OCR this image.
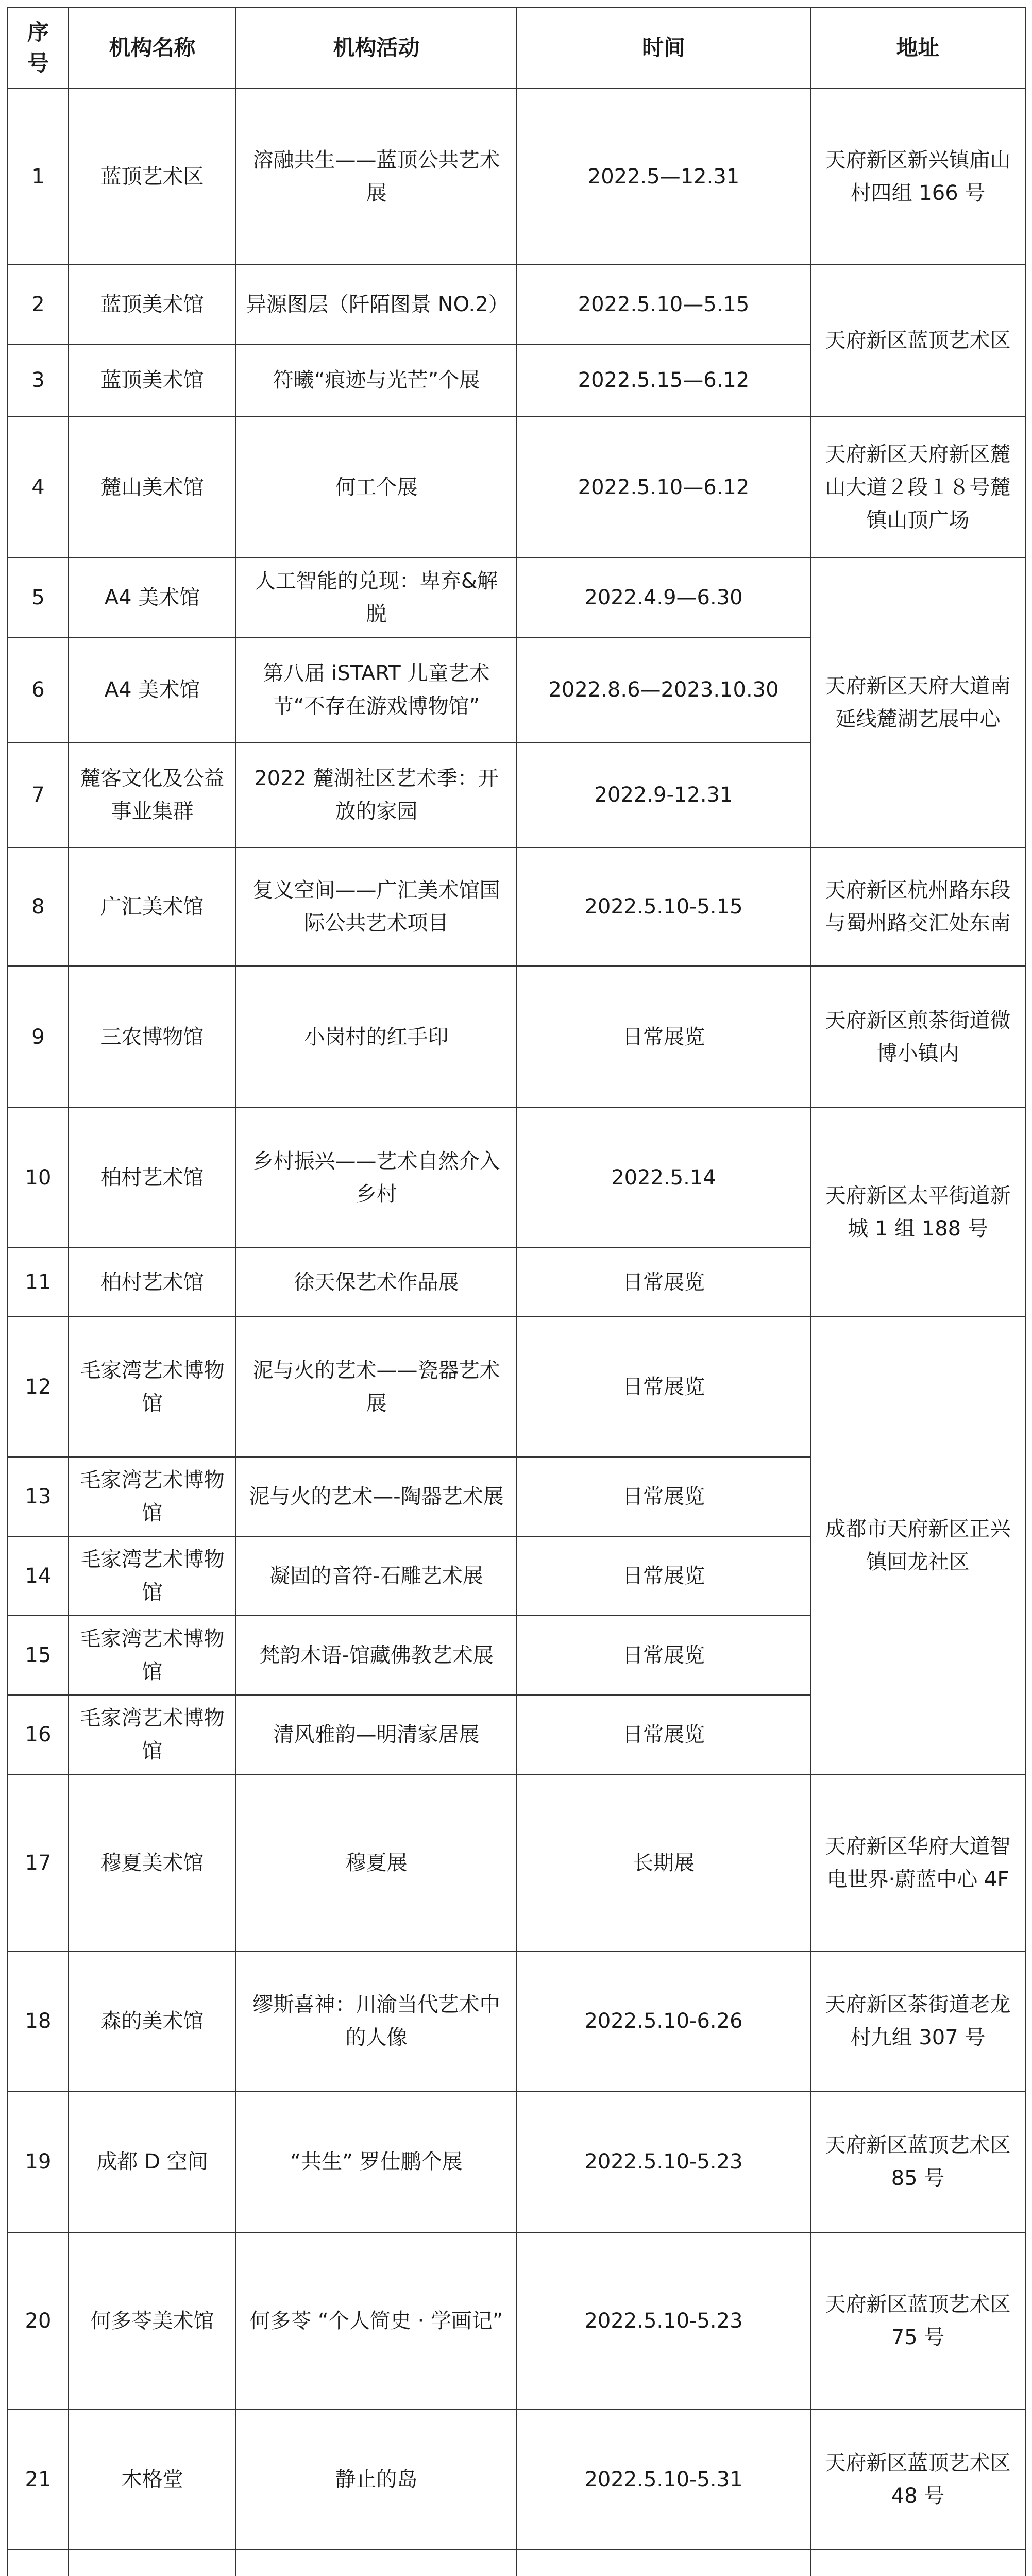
序号	机构名称	机构活动	时间	地址
1	蓝顶艺术区	溶融共生——蓝顶公共艺术展	2022.5—12.31	天府新区新兴镇庙山村四组 166 号
2	蓝顶美术馆	异源图层（阡陌图景 NO.2）	2022.5.10—5.15	天府新区蓝顶艺术区
3	蓝顶美术馆	符曦“痕迹与光芒”个展	2022.5.15—6.12	
4	麓山美术馆	何工个展	2022.5.10—6.12	天府新区天府新区麓山大道２段１８号麓镇山顶广场
5	A4 美术馆	人工智能的兑现：卑弃&解脱	2022.4.9—6.30	天府新区天府大道南延线麓湖艺展中心
6	A4 美术馆	第八届 iSTART 儿童艺术节“不存在游戏博物馆”	2022.8.6—2023.10.30	
7	麓客文化及公益事业集群	2022 麓湖社区艺术季：开放的家园	2022.9-12.31	
8	广汇美术馆	复义空间——广汇美术馆国际公共艺术项目	2022.5.10-5.15	天府新区杭州路东段与蜀州路交汇处东南
9	三农博物馆	小岗村的红手印	日常展览	天府新区煎茶街道微博小镇内
10	柏村艺术馆	乡村振兴——艺术自然介入乡村	2022.5.14	天府新区太平街道新城 1 组 188 号
11	柏村艺术馆	徐天保艺术作品展	日常展览	
12	毛家湾艺术博物馆	泥与火的艺术——瓷器艺术展	日常展览	成都市天府新区正兴镇回龙社区
13	毛家湾艺术博物馆	泥与火的艺术—-陶器艺术展	日常展览	
14	毛家湾艺术博物馆	凝固的音符-石雕艺术展	日常展览	
15	毛家湾艺术博物馆	梵韵木语-馆藏佛教艺术展	日常展览	
16	毛家湾艺术博物馆	清风雅韵—明清家居展	日常展览	
17	穆夏美术馆	穆夏展	长期展	天府新区华府大道智电世界·蔚蓝中心 4F
18	森的美术馆	缪斯喜神：川渝当代艺术中的人像	2022.5.10-6.26	天府新区茶街道老龙村九组 307 号
19	成都 D 空间	“共生” 罗仕鹏个展	2022.5.10-5.23	天府新区蓝顶艺术区 85 号
20	何多苓美术馆	何多苓 “个人简史 · 学画记”	2022.5.10-5.23	天府新区蓝顶艺术区 75 号
21	木格堂	静止的岛	2022.5.10-5.31	天府新区蓝顶艺术区 48 号
